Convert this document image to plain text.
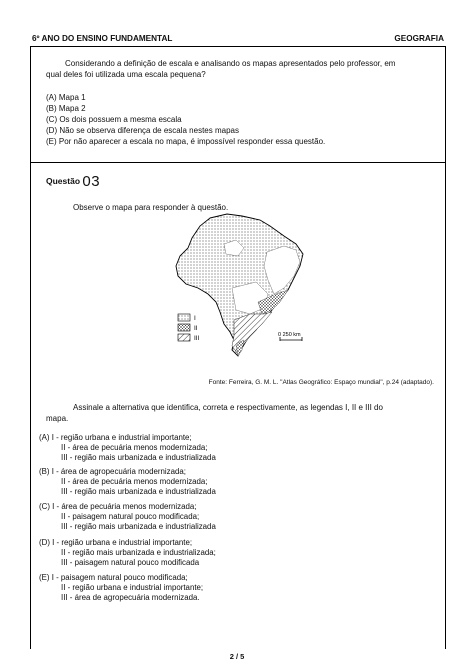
6º ANO DO ENSINO FUNDAMENTAL	GEOGRAFIA
Considerando a definição de escala e analisando os mapas apresentados pelo professor, em
qual deles foi utilizada uma escala pequena?
(A) Mapa 1
(B) Mapa 2
(C) Os dois possuem a mesma escala
(D) Não se observa diferença de escala nestes mapas
(E) Por não aparecer a escala no mapa, é impossível responder essa questão.
Questão 03
Observe o mapa para responder à questão.
I
II
III	0 250 km
Fonte: Ferreira, G. M. L. "Atlas Geográfico: Espaço mundial", p.24 (adaptado).
Assinale a alternativa que identifica, correta e respectivamente, as legendas I, II e III do
mapa.
(A) I - região urbana e industrial importante;
II - área de pecuária menos modernizada;
III - região mais urbanizada e industrializada
(B) I - área de agropecuária modernizada;
II - área de pecuária menos modernizada;
III - região mais urbanizada e industrializada
(C) I - área de pecuária menos modernizada;
II - paisagem natural pouco modificada;
III - região mais urbanizada e industrializada
(D) I - região urbana e industrial importante;
II - região mais urbanizada e industrializada;
III - paisagem natural pouco modificada
(E) I - paisagem natural pouco modificada;
II - região urbana e industrial importante;
III - área de agropecuária modernizada.
2 / 5
